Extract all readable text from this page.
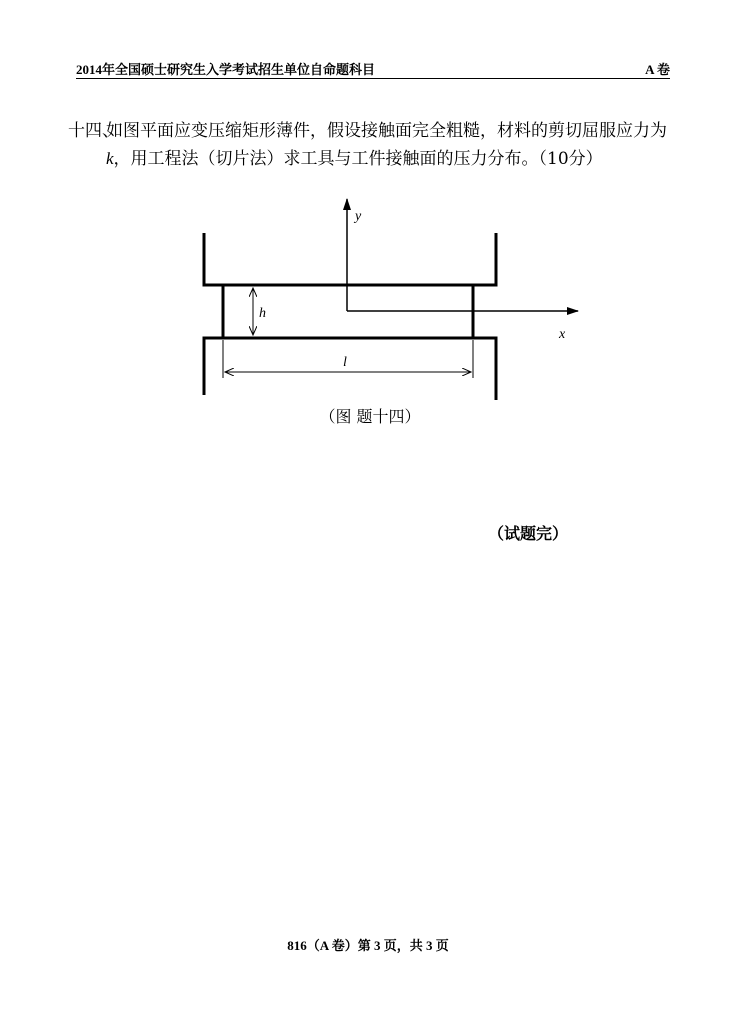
2014年全国硕士研究生入学考试招生单位自命题科目	A 卷
十四、
如图平面应变压缩矩形薄件，假设接触面完全粗糙，材料的剪切屈服应力为k，用工程法（切片法）求工具与工件接触面的压力分布。（10分）
y
x
h
l
（图 题十四）
（试题完）
816（A 卷）第 3 页，共 3 页
